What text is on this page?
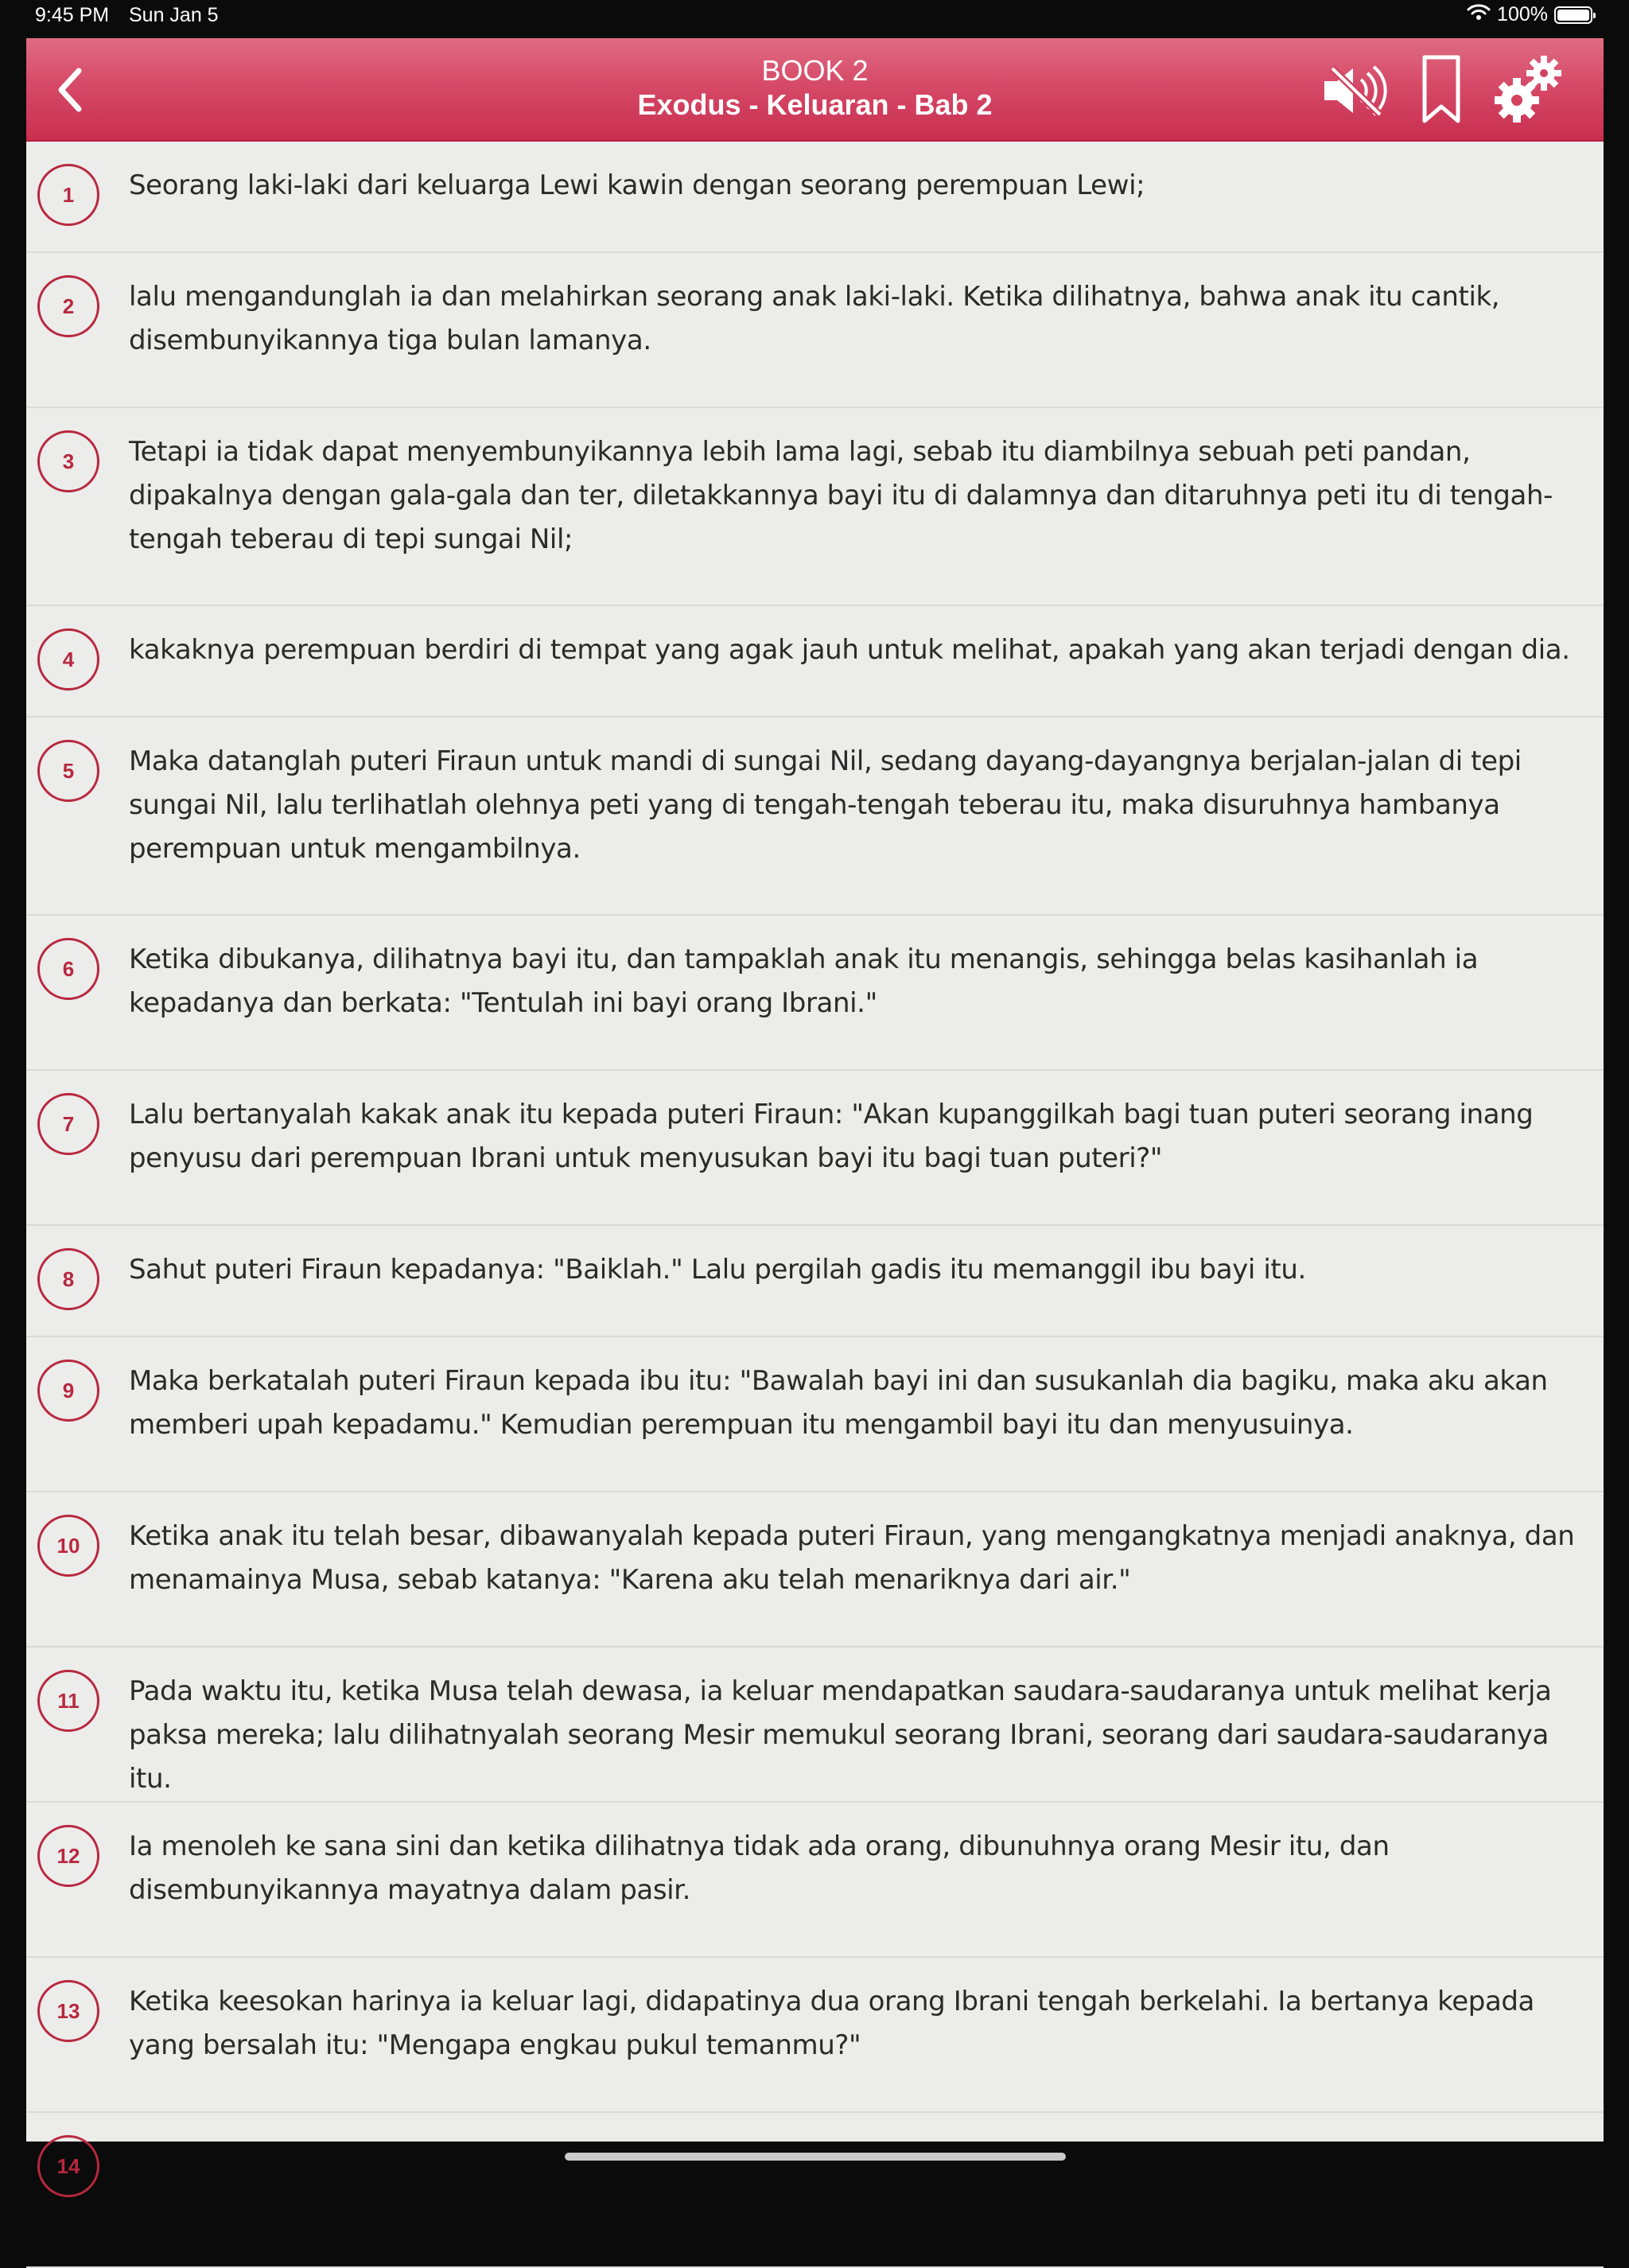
9:45 PM Sun Jan 5	100%
BOOK 2
Exodus - Keluaran - Bab 2
1	Seorang laki-laki dari keluarga Lewi kawin dengan seorang perempuan Lewi;
2	lalu mengandunglah ia dan melahirkan seorang anak laki-laki. Ketika dilihatnya, bahwa anak itu cantik, disembunyikannya tiga bulan lamanya.
3	Tetapi ia tidak dapat menyembunyikannya lebih lama lagi, sebab itu diambilnya sebuah peti pandan, dipakalnya dengan gala-gala dan ter, diletakkannya bayi itu di dalamnya dan ditaruhnya peti itu di tengah-tengah teberau di tepi sungai Nil;
4	kakaknya perempuan berdiri di tempat yang agak jauh untuk melihat, apakah yang akan terjadi dengan dia.
5	Maka datanglah puteri Firaun untuk mandi di sungai Nil, sedang dayang-dayangnya berjalan-jalan di tepi sungai Nil, lalu terlihatlah olehnya peti yang di tengah-tengah teberau itu, maka disuruhnya hambanya perempuan untuk mengambilnya.
6	Ketika dibukanya, dilihatnya bayi itu, dan tampaklah anak itu menangis, sehingga belas kasihanlah ia kepadanya dan berkata: "Tentulah ini bayi orang Ibrani."
7	Lalu bertanyalah kakak anak itu kepada puteri Firaun: "Akan kupanggilkah bagi tuan puteri seorang inang penyusu dari perempuan Ibrani untuk menyusukan bayi itu bagi tuan puteri?"
8	Sahut puteri Firaun kepadanya: "Baiklah." Lalu pergilah gadis itu memanggil ibu bayi itu.
9	Maka berkatalah puteri Firaun kepada ibu itu: "Bawalah bayi ini dan susukanlah dia bagiku, maka aku akan memberi upah kepadamu." Kemudian perempuan itu mengambil bayi itu dan menyusuinya.
10	Ketika anak itu telah besar, dibawanyalah kepada puteri Firaun, yang mengangkatnya menjadi anaknya, dan menamainya Musa, sebab katanya: "Karena aku telah menariknya dari air."
11	Pada waktu itu, ketika Musa telah dewasa, ia keluar mendapatkan saudara-saudaranya untuk melihat kerja paksa mereka; lalu dilihatnyalah seorang Mesir memukul seorang Ibrani, seorang dari saudara-saudaranya itu.
12	Ia menoleh ke sana sini dan ketika dilihatnya tidak ada orang, dibunuhnya orang Mesir itu, dan disembunyikannya mayatnya dalam pasir.
13	Ketika keesokan harinya ia keluar lagi, didapatinya dua orang Ibrani tengah berkelahi. Ia bertanya kepada yang bersalah itu: "Mengapa engkau pukul temanmu?"
14
